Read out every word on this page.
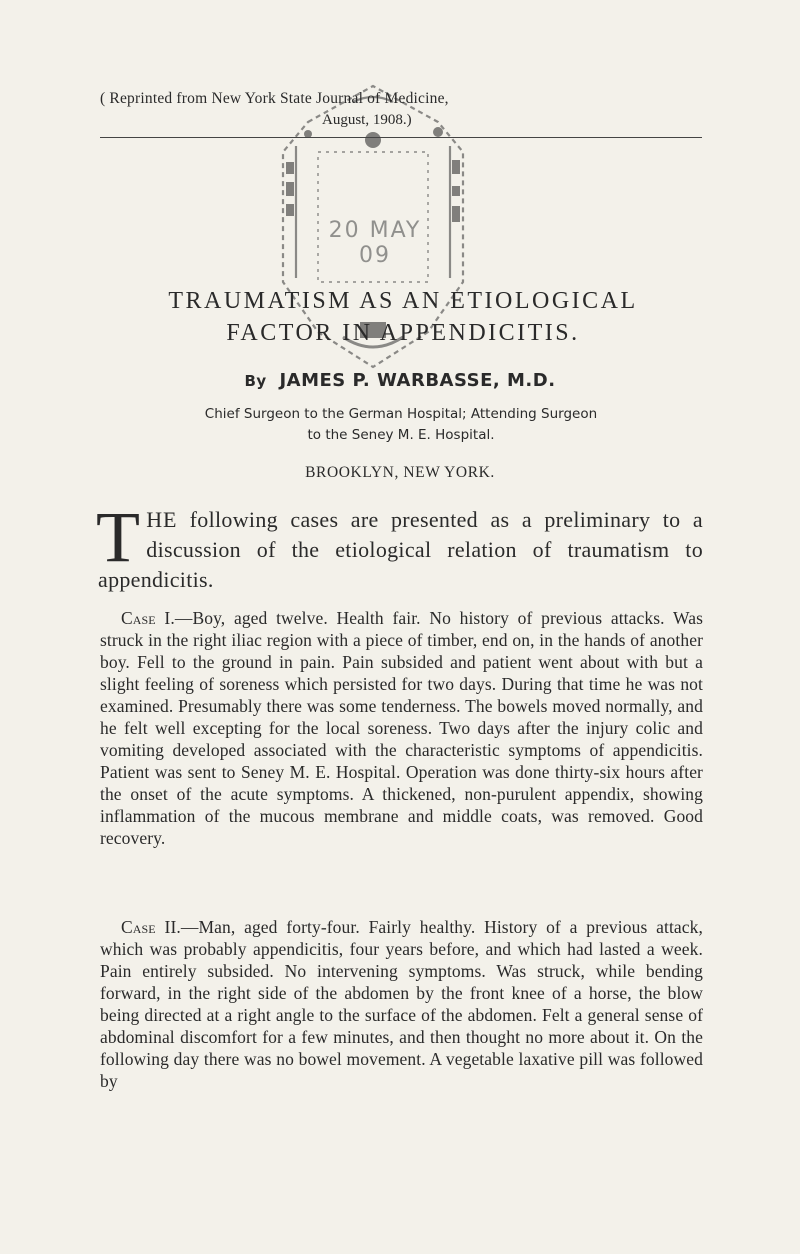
20 MAY 09
( Reprinted from New York State Journal of Medicine,
August, 1908.)
TRAUMATISM AS AN ETIOLOGICAL
FACTOR IN APPENDICITIS.
By JAMES P. WARBASSE, M.D.
Chief Surgeon to the German Hospital; Attending Surgeon
to the Seney M. E. Hospital.
BROOKLYN, NEW YORK.
THE following cases are presented as a preliminary to a discussion of the etiological relation of traumatism to appendicitis.
Case I.—Boy, aged twelve. Health fair. No history of previous attacks. Was struck in the right iliac region with a piece of timber, end on, in the hands of another boy. Fell to the ground in pain. Pain subsided and patient went about with but a slight feeling of soreness which persisted for two days. During that time he was not examined. Presumably there was some tenderness. The bowels moved normally, and he felt well excepting for the local soreness. Two days after the injury colic and vomiting developed associated with the characteristic symptoms of appendicitis. Patient was sent to Seney M. E. Hospital. Operation was done thirty-six hours after the onset of the acute symptoms. A thickened, non-purulent appendix, showing inflammation of the mucous membrane and middle coats, was removed. Good recovery.
Case II.—Man, aged forty-four. Fairly healthy. History of a previous attack, which was probably appendicitis, four years before, and which had lasted a week. Pain entirely subsided. No intervening symptoms. Was struck, while bending forward, in the right side of the abdomen by the front knee of a horse, the blow being directed at a right angle to the surface of the abdomen. Felt a general sense of abdominal discomfort for a few minutes, and then thought no more about it. On the following day there was no bowel movement. A vegetable laxative pill was followed by
